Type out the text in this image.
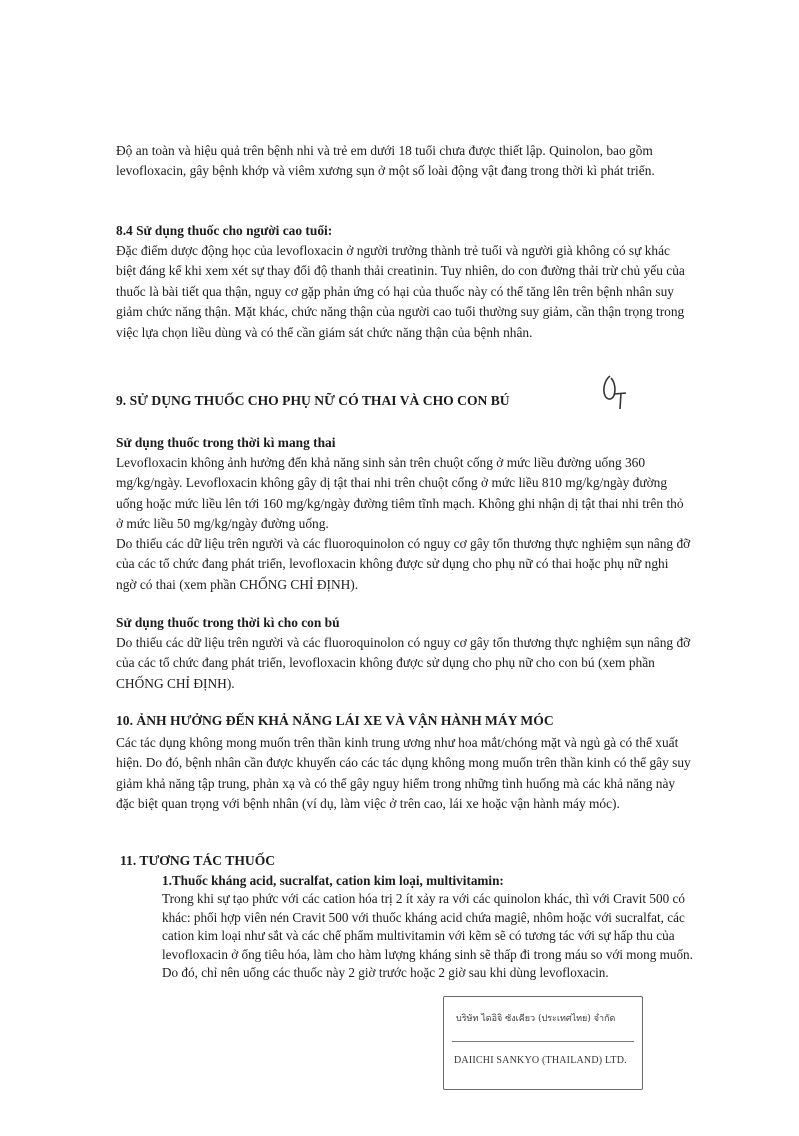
Độ an toàn và hiệu quả trên bệnh nhi và trẻ em dưới 18 tuổi chưa được thiết lập. Quinolon, bao gồm levofloxacin, gây bệnh khớp và viêm xương sụn ở một số loài động vật đang trong thời kì phát triển.

8.4 Sử dụng thuốc cho người cao tuổi:

Đặc điểm dược động học của levofloxacin ở người trưởng thành trẻ tuổi và người già không có sự khác biệt đáng kể khi xem xét sự thay đổi độ thanh thải creatinin. Tuy nhiên, do con đường thải trừ chủ yếu của thuốc là bài tiết qua thận, nguy cơ gặp phản ứng có hại của thuốc này có thể tăng lên trên bệnh nhân suy giảm chức năng thận. Mặt khác, chức năng thận của người cao tuổi thường suy giảm, cần thận trọng trong việc lựa chọn liều dùng và có thể cần giám sát chức năng thận của bệnh nhân.

9. SỬ DỤNG THUỐC CHO PHỤ NỮ CÓ THAI VÀ CHO CON BÚ

Sử dụng thuốc trong thời kì mang thai

Levofloxacin không ảnh hưởng đến khả năng sinh sản trên chuột cống ở mức liều đường uống 360 mg/kg/ngày. Levofloxacin không gây dị tật thai nhi trên chuột cống ở mức liều 810 mg/kg/ngày đường uống hoặc mức liều lên tới 160 mg/kg/ngày đường tiêm tĩnh mạch. Không ghi nhận dị tật thai nhi trên thỏ ở mức liều 50 mg/kg/ngày đường uống.

Do thiếu các dữ liệu trên người và các fluoroquinolon có nguy cơ gây tổn thương thực nghiệm sụn nâng đỡ của các tổ chức đang phát triển, levofloxacin không được sử dụng cho phụ nữ có thai hoặc phụ nữ nghi ngờ có thai (xem phần CHỐNG CHỈ ĐỊNH).

Sử dụng thuốc trong thời kì cho con bú

Do thiếu các dữ liệu trên người và các fluoroquinolon có nguy cơ gây tổn thương thực nghiệm sụn nâng đỡ của các tổ chức đang phát triển, levofloxacin không được sử dụng cho phụ nữ cho con bú (xem phần CHỐNG CHỈ ĐỊNH).

10. ẢNH HƯỞNG ĐẾN KHẢ NĂNG LÁI XE VÀ VẬN HÀNH MÁY MÓC

Các tác dụng không mong muốn trên thần kinh trung ương như hoa mắt/chóng mặt và ngủ gà có thể xuất hiện. Do đó, bệnh nhân cần được khuyến cáo các tác dụng không mong muốn trên thần kinh có thể gây suy giảm khả năng tập trung, phản xạ và có thể gây nguy hiểm trong những tình huống mà các khả năng này đặc biệt quan trọng với bệnh nhân (ví dụ, làm việc ở trên cao, lái xe hoặc vận hành máy móc).

11. TƯƠNG TÁC THUỐC

1.Thuốc kháng acid, sucralfat, cation kim loại, multivitamin:

Trong khi sự tạo phức với các cation hóa trị 2 ít xảy ra với các quinolon khác, thì với Cravit 500 có khác: phối hợp viên nén Cravit 500 với thuốc kháng acid chứa magiê, nhôm hoặc với sucralfat, các cation kim loại như sắt và các chế phẩm multivitamin với kẽm sẽ có tương tác với sự hấp thu của levofloxacin ở ống tiêu hóa, làm cho hàm lượng kháng sinh sẽ thấp đi trong máu so với mong muốn. Do đó, chỉ nên uống các thuốc này 2 giờ trước hoặc 2 giờ sau khi dùng levofloxacin.

บริษัท ไดอิจิ ซังเคียว (ประเทศไทย) จำกัด
DAIICHI SANKYO (THAILAND) LTD.
